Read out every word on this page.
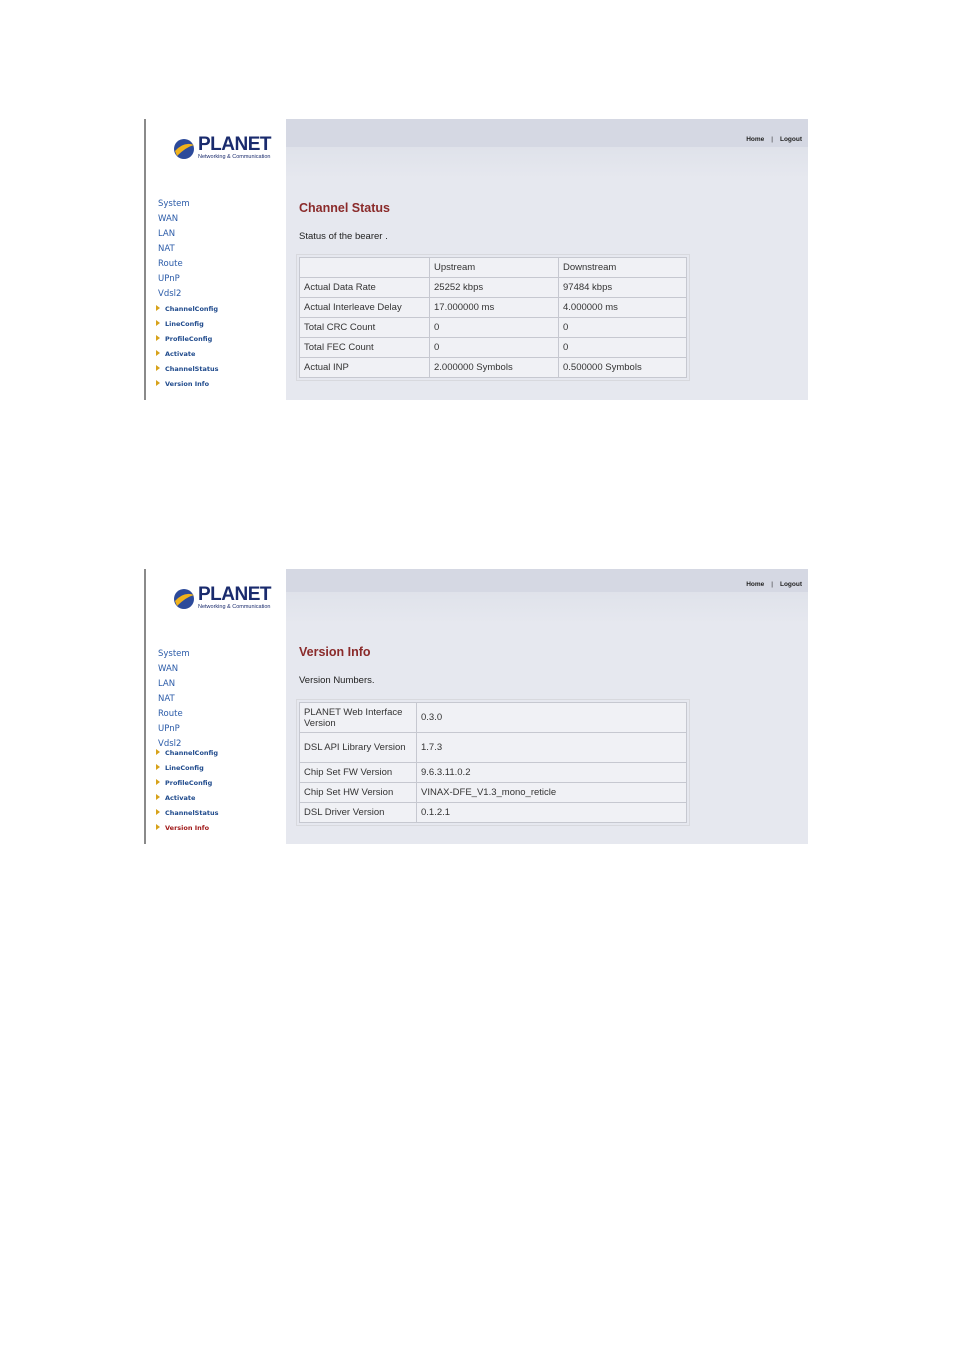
PLANET
Networking & Communication
System
WAN
LAN
NAT
Route
UPnP
Vdsl2
ChannelConfig
LineConfig
ProfileConfig
Activate
ChannelStatus
Version Info
Home | Logout
Channel Status
Status of the bearer .
	Upstream	Downstream
Actual Data Rate	25252 kbps	97484 kbps
Actual Interleave Delay	17.000000 ms	4.000000 ms
Total CRC Count	0	0
Total FEC Count	0	0
Actual INP	2.000000 Symbols	0.500000 Symbols
PLANET
Networking & Communication
System
WAN
LAN
NAT
Route
UPnP
Vdsl2
ChannelConfig
LineConfig
ProfileConfig
Activate
ChannelStatus
Version Info
Home | Logout
Version Info
Version Numbers.
PLANET Web Interface Version	0.3.0
DSL API Library Version	1.7.3
Chip Set FW Version	9.6.3.11.0.2
Chip Set HW Version	VINAX-DFE_V1.3_mono_reticle
DSL Driver Version	0.1.2.1
